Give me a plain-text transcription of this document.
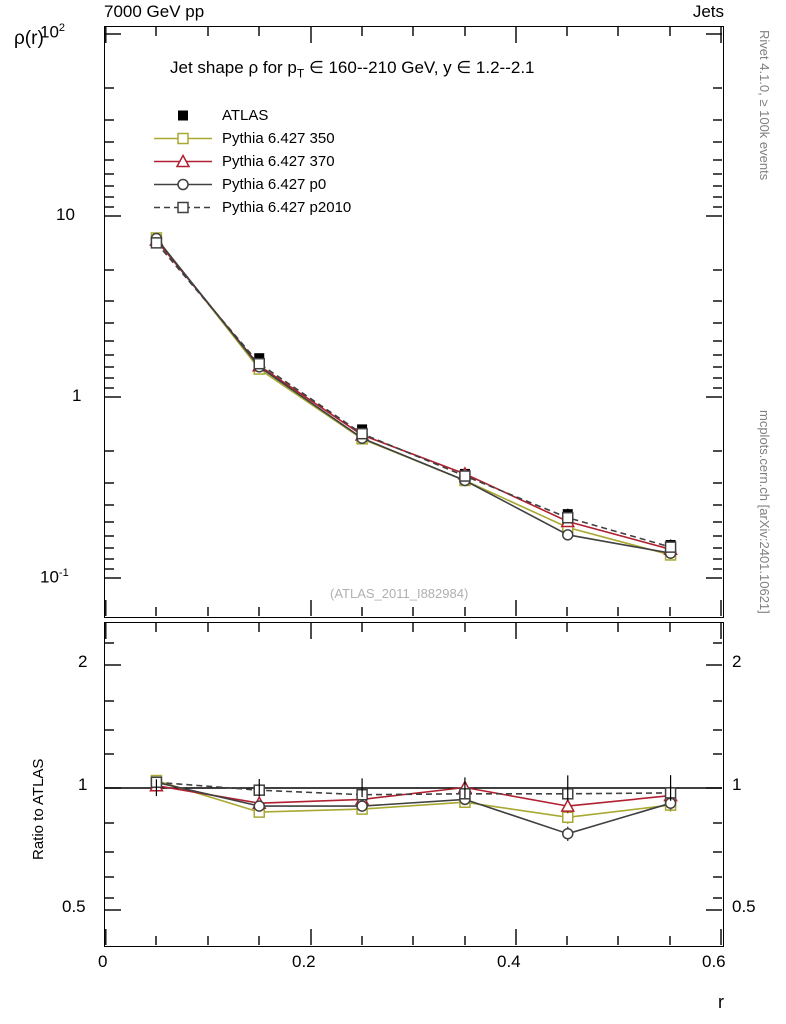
7000 GeV pp	Jets
Rivet 4.1.0, ≥ 100k events
mcplots.cern.ch [arXiv:2401.10621]
ρ(r)
$10^2$
10
1
$10^{-1}$
Jet shape ρ for $p_T$ ∈ 160--210 GeV, y ∈ 1.2--2.1
(ATLAS_2011_I882984)
ATLAS
Pythia 6.427 350
Pythia 6.427 370
Pythia 6.427 p0
Pythia 6.427 p2010
2
1
0.5
2
1
0.5
Ratio to ATLAS
0	0.2	0.4	0.6
r
